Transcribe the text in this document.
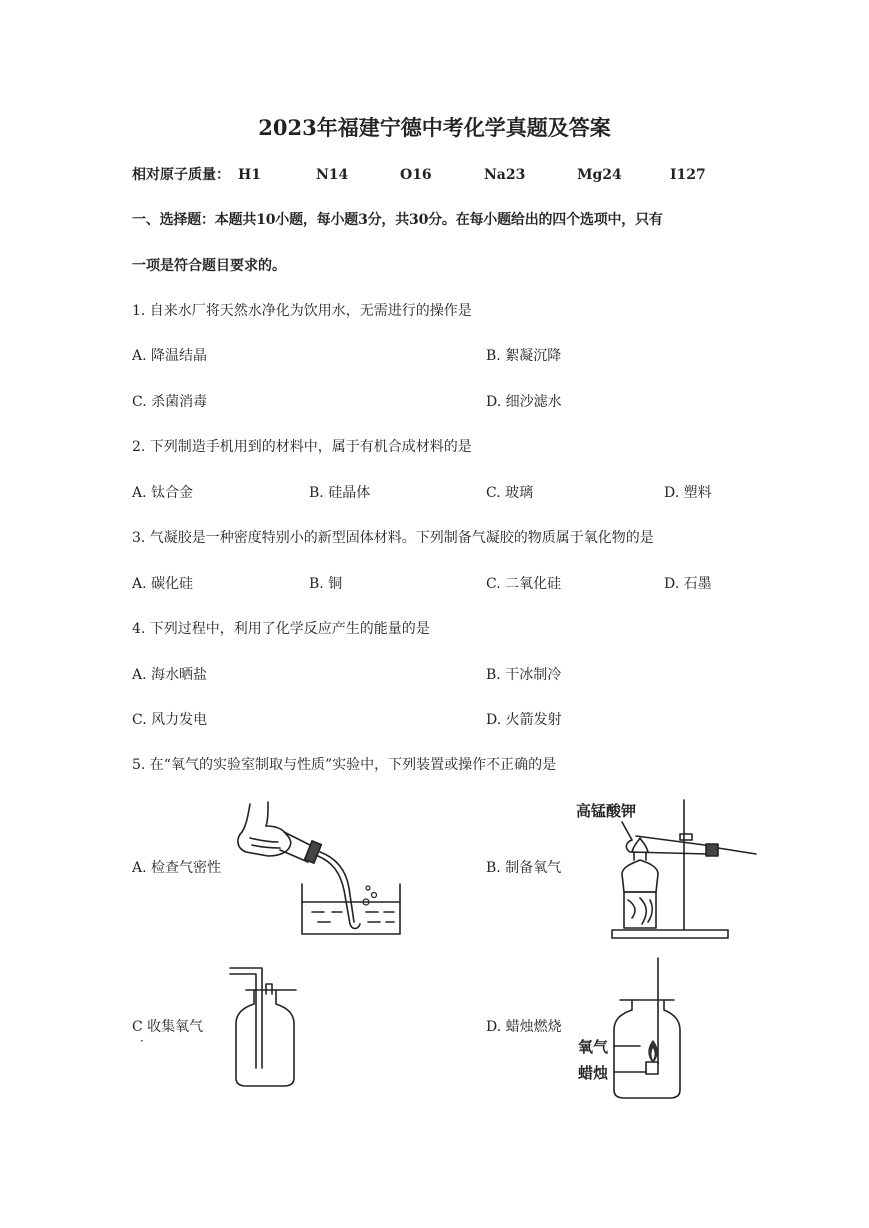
2023年福建宁德中考化学真题及答案
相对原子质量： H1	N14	O16	Na23	Mg24	I127
一、选择题：本题共10小题，每小题3分，共30分。在每小题给出的四个选项中，只有
一项是符合题目要求的。
1. 自来水厂将天然水净化为饮用水，无需进行的操作是
A. 降温结晶	B. 絮凝沉降
C. 杀菌消毒	D. 细沙滤水
2. 下列制造手机用到的材料中，属于有机合成材料的是
A. 钛合金	B. 硅晶体	C. 玻璃	D. 塑料
3. 气凝胶是一种密度特别小的新型固体材料。下列制备气凝胶的物质属于氧化物的是
A. 碳化硅	B. 铜	C. 二氧化硅	D. 石墨
4. 下列过程中，利用了化学反应产生的能量的是
A. 海水晒盐	B. 干冰制冷
C. 风力发电	D. 火箭发射
5. 在“氧气的实验室制取与性质”实验中，下列装置或操作不正确的是
A. 检查气密性	B. 制备氧气
C 收集氧气	D. 蜡烛燃烧
·
高锰酸钾
氧气
蜡烛
